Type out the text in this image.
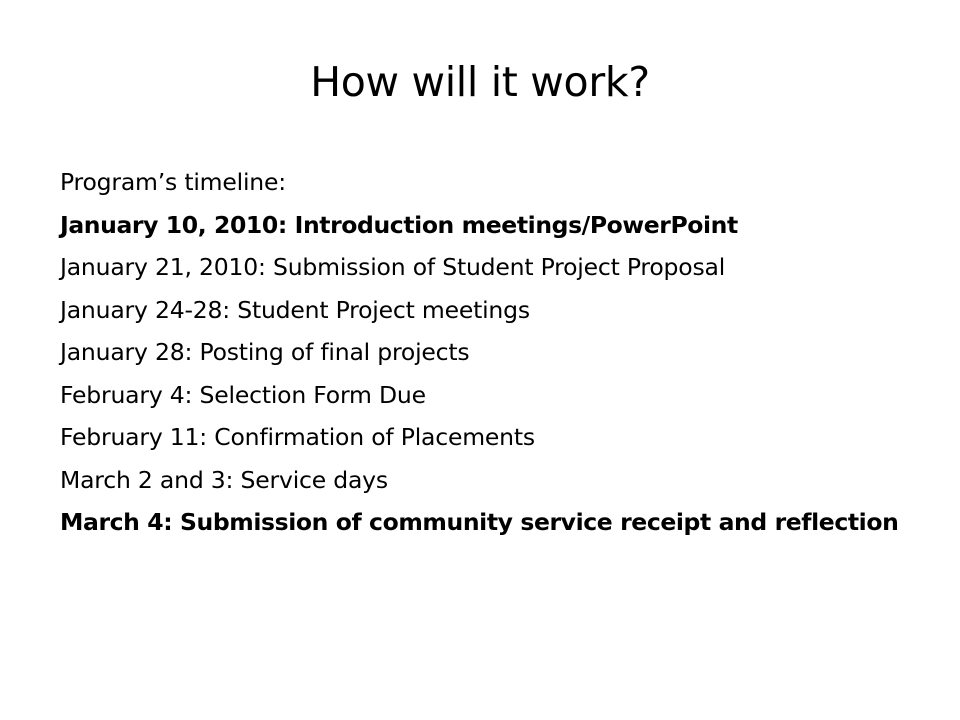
How will it work?
Program’s timeline:
January 10, 2010: Introduction meetings/PowerPoint
January 21, 2010: Submission of Student Project Proposal
January 24-28: Student Project meetings
January 28: Posting of final projects
February 4: Selection Form Due
February 11: Confirmation of Placements
March 2 and 3: Service days
March 4: Submission of community service receipt and reflection
